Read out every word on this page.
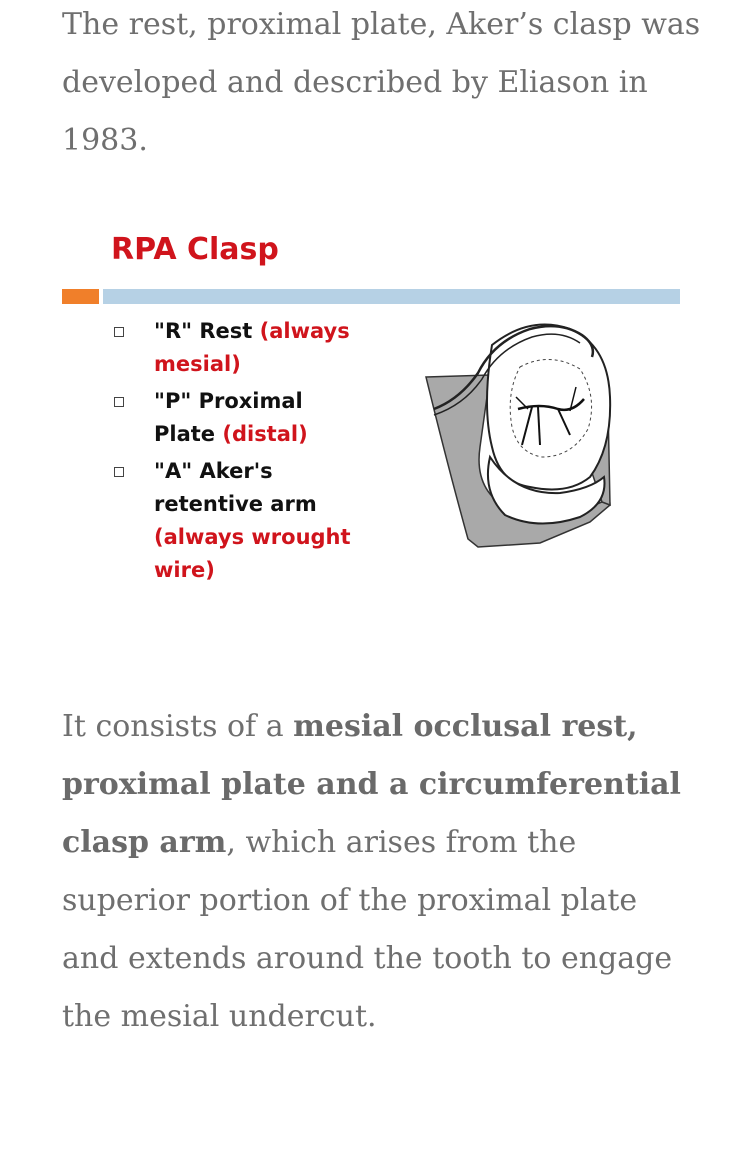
The rest, proximal plate, Aker’s clasp was developed and described by Eliason in 1983.

RPA Clasp
"R" Rest (always mesial)
"P" Proximal Plate (distal)
"A" Aker's retentive arm (always wrought wire)

It consists of a mesial occlusal rest, proximal plate and a circumferential clasp arm, which arises from the superior portion of the proximal plate and extends around the tooth to engage the mesial undercut.
